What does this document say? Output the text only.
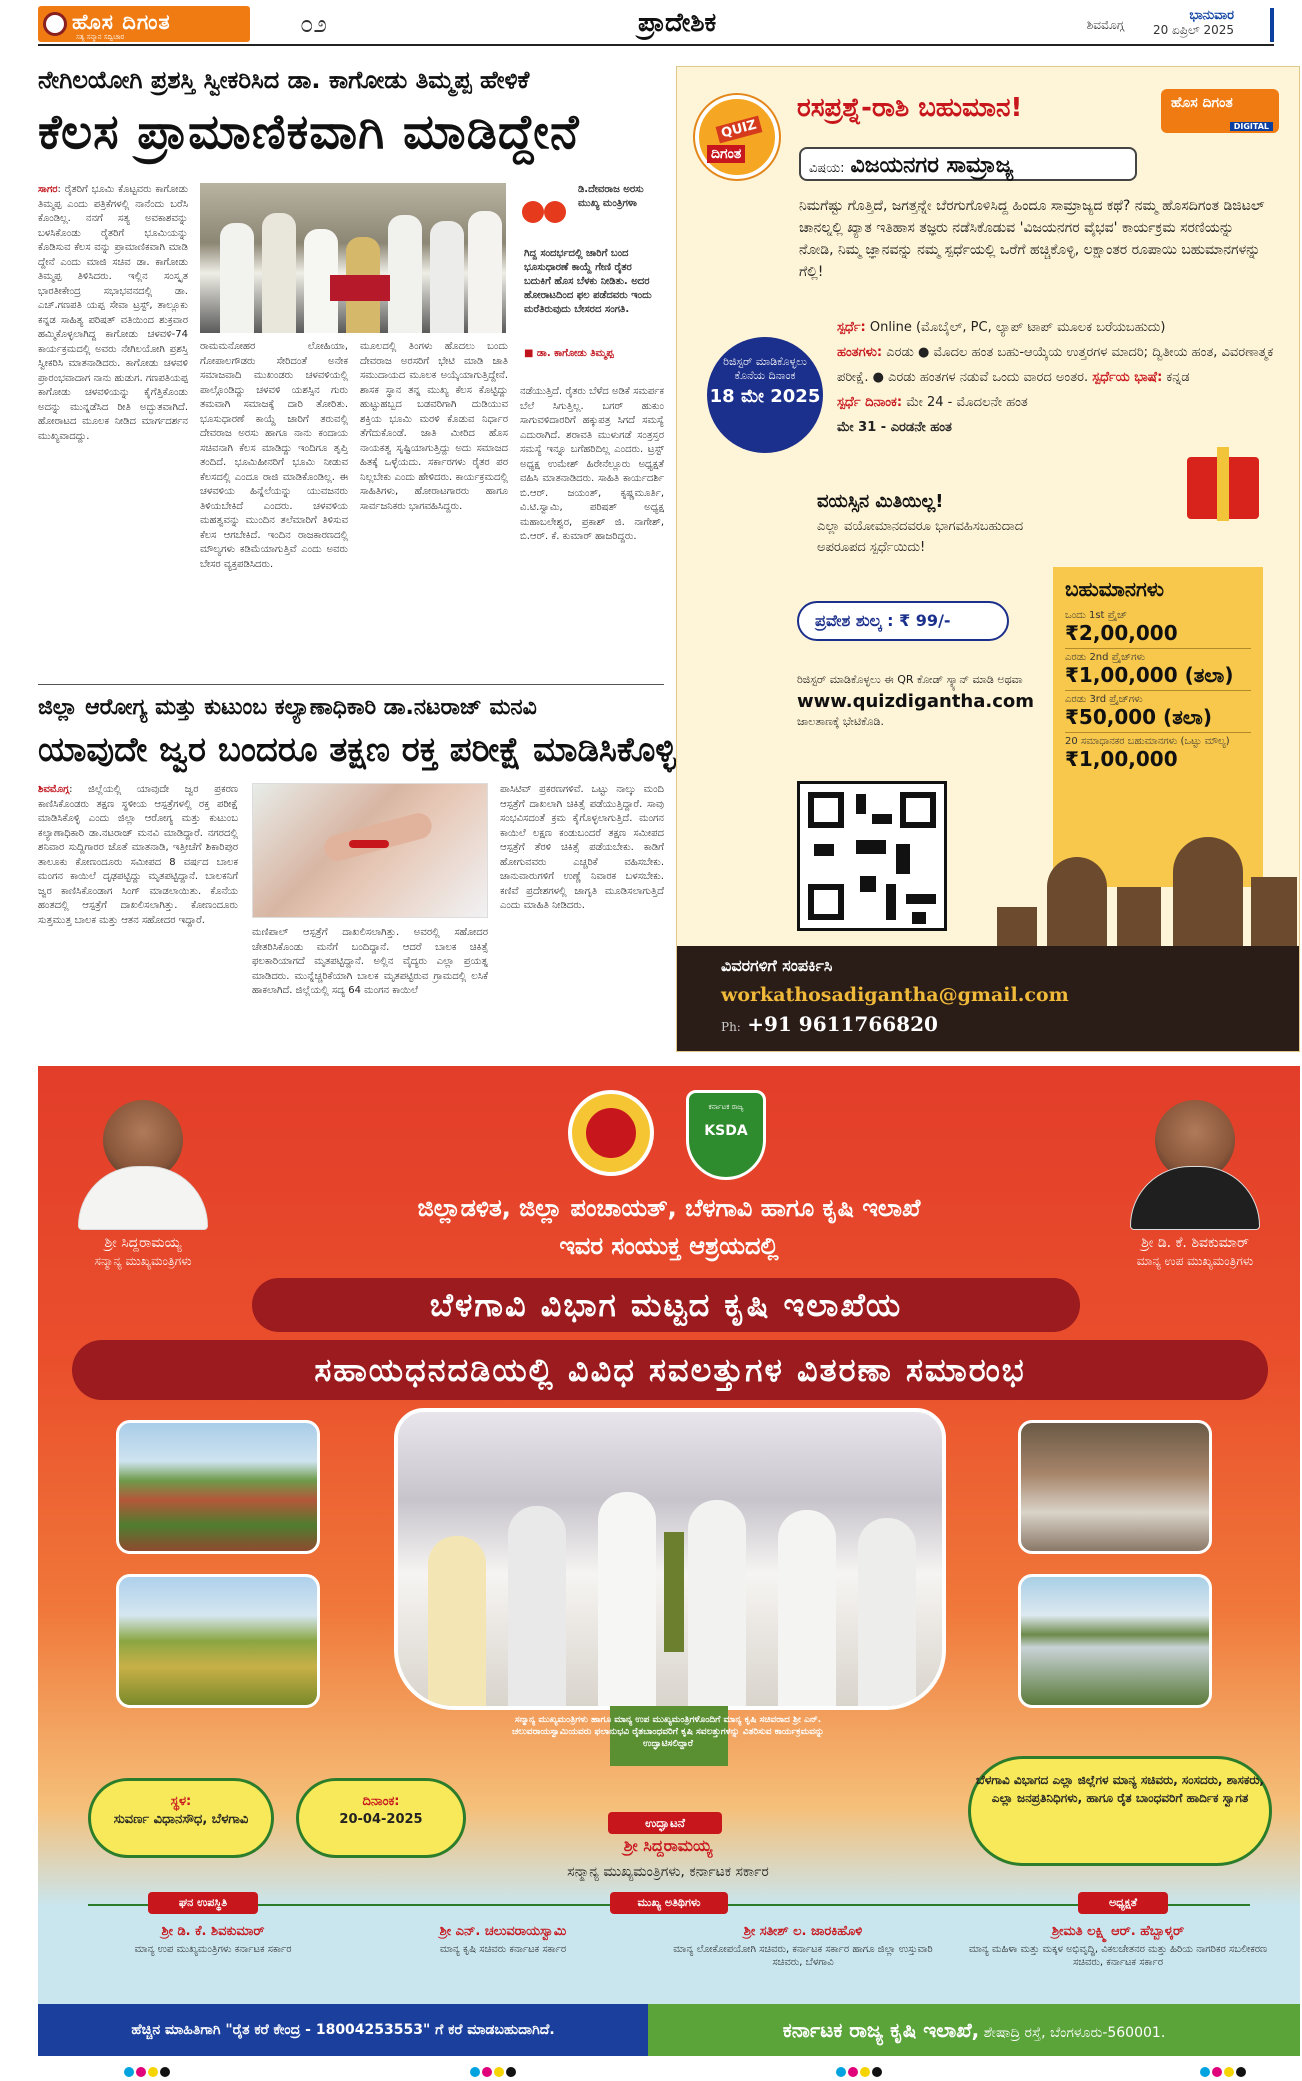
ಹೊಸ ದಿಗಂತ
ಸತ್ಯ ಸನ್ಮಾನ ಸದ್ವಿಚಾರ	೦೨	ಪ್ರಾದೇಶಿಕ	ಶಿವಮೊಗ್ಗ
ಭಾನುವಾರ
20 ಏಪ್ರಿಲ್ 2025
ನೇಗಿಲಯೋಗಿ ಪ್ರಶಸ್ತಿ ಸ್ವೀಕರಿಸಿದ ಡಾ. ಕಾಗೋಡು ತಿಮ್ಮಪ್ಪ ಹೇಳಿಕೆ
ಕೆಲಸ ಪ್ರಾಮಾಣಿಕವಾಗಿ ಮಾಡಿದ್ದೇನೆ
ಸಾಗರ: ರೈತರಿಗೆ ಭೂಮಿ ಕೊಟ್ಟವರು ಕಾಗೋಡು ತಿಮ್ಮಪ್ಪ ಎಂದು ಪತ್ರಿಕೆಗಳಲ್ಲಿ ನಾನೆಂದು ಬರೆಸಿ ಕೊಂಡಿಲ್ಲ. ನನಗೆ ಸತ್ಯ ಅವಕಾಶವನ್ನು ಬಳಸಿಕೊಂಡು ರೈತರಿಗೆ ಭೂಮಿಯನ್ನು ಕೊಡಿಸುವ ಕೆಲಸ ವನ್ನು ಪ್ರಾಮಾಣಿಕವಾಗಿ ಮಾಡಿ ದ್ದೇನೆ ಎಂದು ಮಾಜಿ ಸಚಿವ ಡಾ. ಕಾಗೋಡು ತಿಮ್ಮಪ್ಪ ತಿಳಿಸಿದರು. ಇಲ್ಲಿನ ಸಂಸ್ಕೃತ ಭಾರತೀಕೇಂದ್ರ ಸಭಾಭವನದಲ್ಲಿ ಡಾ. ಎಚ್.ಗಣಪತಿ ಯಪ್ಪ ಸೇವಾ ಟ್ರಸ್ಟ್, ತಾಲ್ಲೂಕು ಕನ್ನಡ ಸಾಹಿತ್ಯ ಪರಿಷತ್ ವತಿಯಿಂದ ಶುಕ್ರವಾರ ಹಮ್ಮಿಕೊಳ್ಳಲಾಗಿದ್ದ ಕಾಗೋಡು ಚಳವಳಿ-74 ಕಾರ್ಯಕ್ರಮದಲ್ಲಿ ಅವರು ನೇಗಿಲಯೋಗಿ ಪ್ರಶಸ್ತಿ ಸ್ವೀಕರಿಸಿ ಮಾತನಾಡಿದರು. ಕಾಗೋಡು ಚಳವಳಿ ಪ್ರಾರಂಭವಾದಾಗ ನಾನು ಹುಡುಗ. ಗಣಪತಿಯಪ್ಪ ಕಾಗೋಡು ಚಳವಳಿಯನ್ನು ಕೈಗೆತ್ತಿಕೊಂಡು ಅದನ್ನು ಮುನ್ನಡೆಸಿದ ರೀತಿ ಅದ್ಭುತವಾಗಿದೆ. ಹೋರಾಟದ ಮೂಲಕ ನೀಡಿದ ಮಾರ್ಗದರ್ಶನ ಮುಖ್ಯವಾದದ್ದು.
ಡಿ.ದೇವರಾಜ ಅರಸು ಮುಖ್ಯ ಮಂತ್ರಿಗಳಾ
ಗಿದ್ದ ಸಂದರ್ಭದಲ್ಲಿ ಜಾರಿಗೆ ಬಂದ ಭೂಸುಧಾರಣೆ ಕಾಯ್ದೆ ಗೇಣಿ ರೈತರ ಬದುಕಿಗೆ ಹೊಸ ಬೆಳಕು ನೀಡಿತು. ಅದರ ಹೋರಾಟದಿಂದ ಫಲ ಪಡೆದವರು ಇಂದು ಮರೆತಿರುವುದು ಬೇಸರದ ಸಂಗತಿ.
■ ಡಾ. ಕಾಗೋಡು ತಿಮ್ಮಪ್ಪ
ರಾಮಮನೋಹರ ಲೋಹಿಯಾ, ಗೋಪಾಲಗೌಡರು ಸೇರಿದಂತೆ ಅನೇಕ ಸಮಾಜವಾದಿ ಮುಖಂಡರು ಚಳವಳಿಯಲ್ಲಿ ಪಾಲ್ಗೊಂಡಿದ್ದು ಚಳವಳಿ ಯಶಸ್ಸಿನ ಗುರು ತಮವಾಗಿ ಸಮಾಜಕ್ಕೆ ದಾರಿ ತೋರಿತು. ಭೂಸುಧಾರಣೆ ಕಾಯ್ದೆ ಜಾರಿಗೆ ತರುವಲ್ಲಿ ದೇವರಾಜ ಅರಸು ಹಾಗೂ ನಾನು ಕಂದಾಯ ಸಚಿವನಾಗಿ ಕೆಲಸ ಮಾಡಿದ್ದು ಇಂದಿಗೂ ತೃಪ್ತಿ ತಂದಿದೆ. ಭೂಮಿಹೀನರಿಗೆ ಭೂಮಿ ನೀಡುವ ಕೆಲಸದಲ್ಲಿ ಎಂದೂ ರಾಜಿ ಮಾಡಿಕೊಂಡಿಲ್ಲ. ಈ ಚಳವಳಿಯ ಹಿನ್ನೆಲೆಯನ್ನು ಯುವಜನರು ತಿಳಿಯಬೇಕಿದೆ ಎಂದರು. ಚಳವಳಿಯ ಮಹತ್ವವನ್ನು ಮುಂದಿನ ತಲೆಮಾರಿಗೆ ತಿಳಿಸುವ ಕೆಲಸ ಆಗಬೇಕಿದೆ. ಇಂದಿನ ರಾಜಕಾರಣದಲ್ಲಿ ಮೌಲ್ಯಗಳು ಕಡಿಮೆಯಾಗುತ್ತಿವೆ ಎಂದು ಅವರು ಬೇಸರ ವ್ಯಕ್ತಪಡಿಸಿದರು.
ಮೂಲದಲ್ಲಿ ತಿಂಗಳು ಹೊದಲು ಬಂದು ದೇವರಾಜ ಅರಸರಿಗೆ ಭೇಟಿ ಮಾಡಿ ಜಾತಿ ಸಮುದಾಯದ ಮೂಲಕ ಅಯ್ಕೆಯಾಗುತ್ತಿದ್ದೇನೆ. ಶಾಸಕ ಸ್ಥಾನ ತನ್ನ ಮುಖ್ಯ ಕೆಲಸ ಕೊಟ್ಟಿದ್ದು ಹುಟ್ಟುಹಬ್ಬದ ಬಡವರಿಗಾಗಿ ದುಡಿಯುವ ಶಕ್ತಿಯ ಭೂಮಿ ಮರಳಿ ಕೊಡುವ ನಿರ್ಧಾರ ತೆಗೆದುಕೊಂಡೆ. ಜಾತಿ ಮೀರಿದ ಹೊಸ ನಾಯಕತ್ವ ಸೃಷ್ಟಿಯಾಗುತ್ತಿದ್ದು ಅದು ಸಮಾಜದ ಹಿತಕ್ಕೆ ಒಳ್ಳೆಯದು. ಸರ್ಕಾರಗಳು ರೈತರ ಪರ ನಿಲ್ಲಬೇಕು ಎಂದು ಹೇಳಿದರು. ಕಾರ್ಯಕ್ರಮದಲ್ಲಿ ಸಾಹಿತಿಗಳು, ಹೋರಾಟಗಾರರು ಹಾಗೂ ಸಾರ್ವಜನಿಕರು ಭಾಗವಹಿಸಿದ್ದರು.
ನಡೆಯುತ್ತಿದೆ. ರೈತರು ಬೆಳೆದ ಅಡಿಕೆ ಸಮರ್ಪಕ ಬೆಲೆ ಸಿಗುತ್ತಿಲ್ಲ. ಬಗರ್ ಹುಕುಂ ಸಾಗುವಳಿದಾರರಿಗೆ ಹಕ್ಕುಪತ್ರ ಸಿಗದೆ ಸಮಸ್ಯೆ ಎದುರಾಗಿದೆ. ಶರಾವತಿ ಮುಳುಗಡೆ ಸಂತ್ರಸ್ತರ ಸಮಸ್ಯೆ ಇನ್ನೂ ಬಗೆಹರಿದಿಲ್ಲ ಎಂದರು. ಟ್ರಸ್ಟ್ ಅಧ್ಯಕ್ಷ ಉಮೇಶ್ ಹಿರೇನೆಲ್ಲೂರು ಅಧ್ಯಕ್ಷತೆ ವಹಿಸಿ ಮಾತನಾಡಿದರು. ಸಾಹಿತಿ ಕಾರ್ಯದರ್ಶಿ ಬಿ.ಆರ್. ಜಯಂತ್, ಕೃಷ್ಣಮೂರ್ತಿ, ವಿ.ಟಿ.ಸ್ವಾಮಿ, ಪರಿಷತ್ ಅಧ್ಯಕ್ಷ ಮಹಾಬಲೇಶ್ವರ, ಪ್ರಕಾಶ್ ಜಿ. ನಾಗೇಶ್, ಬಿ.ಆರ್. ಕೆ. ಕುಮಾರ್ ಹಾಜರಿದ್ದರು.
ಜಿಲ್ಲಾ ಆರೋಗ್ಯ ಮತ್ತು ಕುಟುಂಬ ಕಲ್ಯಾಣಾಧಿಕಾರಿ ಡಾ.ನಟರಾಜ್ ಮನವಿ
ಯಾವುದೇ ಜ್ವರ ಬಂದರೂ ತಕ್ಷಣ ರಕ್ತ ಪರೀಕ್ಷೆ ಮಾಡಿಸಿಕೊಳ್ಳಿ
ಶಿವಮೊಗ್ಗ: ಜಿಲ್ಲೆಯಲ್ಲಿ ಯಾವುದೇ ಜ್ವರ ಪ್ರಕರಣ ಕಾಣಿಸಿಕೊಂಡರು ತಕ್ಷಣ ಸ್ಥಳೀಯ ಆಸ್ಪತ್ರೆಗಳಲ್ಲಿ ರಕ್ತ ಪರೀಕ್ಷೆ ಮಾಡಿಸಿಕೊಳ್ಳಿ ಎಂದು ಜಿಲ್ಲಾ ಆರೋಗ್ಯ ಮತ್ತು ಕುಟುಂಬ ಕಲ್ಯಾಣಾಧಿಕಾರಿ ಡಾ.ನಟರಾಜ್ ಮನವಿ ಮಾಡಿದ್ದಾರೆ. ನಗರದಲ್ಲಿ ಶನಿವಾರ ಸುದ್ದಿಗಾರರ ಜೊತೆ ಮಾತನಾಡಿ, ಇತ್ತೀಚೆಗೆ ಶಿಕಾರಿಪುರ ತಾಲೂಕು ಕೋಣಂದೂರು ಸಮೀಪದ 8 ವರ್ಷದ ಬಾಲಕ ಮಂಗನ ಕಾಯಿಲೆ ದೃಢಪಟ್ಟಿದ್ದು ಮೃತಪಟ್ಟಿದ್ದಾನೆ. ಬಾಲಕನಿಗೆ ಜ್ವರ ಕಾಣಿಸಿಕೊಂಡಾಗ ಸಿಂಗ್ ಮಾಡಲಾಯಿತು. ಕೊನೆಯ ಹಂತದಲ್ಲಿ ಆಸ್ಪತ್ರೆಗೆ ದಾಖಲಿಸಲಾಗಿತ್ತು. ಕೋಣಂದೂರು ಸುತ್ತಮುತ್ತ ಬಾಲಕ ಮತ್ತು ಆತನ ಸಹೋದರ ಇದ್ದಾರೆ.
ಮಣಿಪಾಲ್ ಆಸ್ಪತ್ರೆಗೆ ದಾಖಲಿಸಲಾಗಿತ್ತು. ಅವರಲ್ಲಿ ಸಹೋದರ ಚೇತರಿಸಿಕೊಂಡು ಮನೆಗೆ ಬಂದಿದ್ದಾನೆ. ಆದರೆ ಬಾಲಕ ಚಿಕಿತ್ಸೆ ಫಲಕಾರಿಯಾಗದೆ ಮೃತಪಟ್ಟಿದ್ದಾನೆ. ಅಲ್ಲಿನ ವೈದ್ಯರು ಎಲ್ಲಾ ಪ್ರಯತ್ನ ಮಾಡಿದರು. ಮುನ್ನೆಚ್ಚರಿಕೆಯಾಗಿ ಬಾಲಕ ಮೃತಪಟ್ಟಿರುವ ಗ್ರಾಮದಲ್ಲಿ ಲಸಿಕೆ ಹಾಕಲಾಗಿದೆ. ಜಿಲ್ಲೆಯಲ್ಲಿ ಸದ್ಯ 64 ಮಂಗನ ಕಾಯಿಲೆ
ಪಾಸಿಟಿವ್ ಪ್ರಕರಣಗಳಿವೆ. ಒಟ್ಟು ನಾಲ್ಕು ಮಂದಿ ಆಸ್ಪತ್ರೆಗೆ ದಾಖಲಾಗಿ ಚಿಕಿತ್ಸೆ ಪಡೆಯುತ್ತಿದ್ದಾರೆ. ಸಾವು ಸಂಭವಿಸದಂತೆ ಕ್ರಮ ಕೈಗೊಳ್ಳಲಾಗುತ್ತಿದೆ. ಮಂಗನ ಕಾಯಿಲೆ ಲಕ್ಷಣ ಕಂಡುಬಂದರೆ ತಕ್ಷಣ ಸಮೀಪದ ಆಸ್ಪತ್ರೆಗೆ ತೆರಳಿ ಚಿಕಿತ್ಸೆ ಪಡೆಯಬೇಕು. ಕಾಡಿಗೆ ಹೋಗುವವರು ಎಚ್ಚರಿಕೆ ವಹಿಸಬೇಕು. ಜಾನುವಾರುಗಳಿಗೆ ಉಣ್ಣೆ ನಿವಾರಕ ಬಳಸಬೇಕು. ಕಣಿವೆ ಪ್ರದೇಶಗಳಲ್ಲಿ ಜಾಗೃತಿ ಮೂಡಿಸಲಾಗುತ್ತಿದೆ ಎಂದು ಮಾಹಿತಿ ನೀಡಿದರು.
QUIZ
ದಿಗಂತ
ರಸಪ್ರಶ್ನೆ-ರಾಶಿ ಬಹುಮಾನ!	ಹೊಸ ದಿಗಂತ
DIGITAL
ವಿಷಯ: ವಿಜಯನಗರ ಸಾಮ್ರಾಜ್ಯ
ನಿಮಗೆಷ್ಟು ಗೊತ್ತಿದೆ, ಜಗತ್ತನ್ನೇ ಬೆರಗುಗೊಳಿಸಿದ್ದ ಹಿಂದೂ ಸಾಮ್ರಾಜ್ಯದ ಕಥೆ? ನಮ್ಮ ಹೊಸದಿಗಂತ ಡಿಜಿಟಲ್ ಚಾನಲ್ನಲ್ಲಿ ಖ್ಯಾತ ಇತಿಹಾಸ ತಜ್ಞರು ನಡೆಸಿಕೊಡುವ 'ವಿಜಯನಗರ ವೈಭವ' ಕಾರ್ಯಕ್ರಮ ಸರಣಿಯನ್ನು ನೋಡಿ, ನಿಮ್ಮ ಜ್ಞಾನವನ್ನು ನಮ್ಮ ಸ್ಪರ್ಧೆಯಲ್ಲಿ ಒರೆಗೆ ಹಚ್ಚಿಕೊಳ್ಳಿ, ಲಕ್ಷಾಂತರ ರೂಪಾಯಿ ಬಹುಮಾನಗಳನ್ನು ಗೆಲ್ಲಿ!
ರಿಜಿಸ್ಟರ್ ಮಾಡಿಕೊಳ್ಳಲು ಕೊನೆಯ ದಿನಾಂಕ
18 ಮೇ 2025
ಸ್ಪರ್ಧೆ: Online (ಮೊಬೈಲ್, PC, ಲ್ಯಾಪ್ ಟಾಪ್ ಮೂಲಕ ಬರೆಯಬಹುದು)
ಹಂತಗಳು: ಎರಡು ● ಮೊದಲ ಹಂತ ಬಹು-ಆಯ್ಕೆಯ ಉತ್ತರಗಳ ಮಾದರಿ; ದ್ವಿತೀಯ ಹಂತ, ವಿವರಣಾತ್ಮಕ ಪರೀಕ್ಷೆ. ● ಎರಡು ಹಂತಗಳ ನಡುವೆ ಒಂದು ವಾರದ ಅಂತರ. ಸ್ಪರ್ಧೆಯ ಭಾಷೆ: ಕನ್ನಡ
ಸ್ಪರ್ಧೆ ದಿನಾಂಕ: ಮೇ 24 - ಮೊದಲನೇ ಹಂತ
ಮೇ 31 - ಎರಡನೇ ಹಂತ
ವಯಸ್ಸಿನ ಮಿತಿಯಿಲ್ಲ!
ಎಲ್ಲಾ ವಯೋಮಾನದವರೂ ಭಾಗವಹಿಸಬಹುದಾದ ಅಪರೂಪದ ಸ್ಪರ್ಧೆಯಿದು!
ಪ್ರವೇಶ ಶುಲ್ಕ : ₹ 99/-
ರಿಜಿಸ್ಟರ್ ಮಾಡಿಕೊಳ್ಳಲು ಈ QR ಕೋಡ್ ಸ್ಕ್ಯಾನ್ ಮಾಡಿ ಅಥವಾ
www.quizdigantha.com
ಜಾಲತಾಣಕ್ಕೆ ಭೇಟಿಕೊಡಿ.
ಬಹುಮಾನಗಳು
ಒಂದು 1st ಪ್ರೈಜ್
₹2,00,000
ಎರಡು 2nd ಪ್ರೈಜ್‌ಗಳು
₹1,00,000 (ತಲಾ)
ಎರಡು 3rd ಪ್ರೈಜ್‌ಗಳು
₹50,000 (ತಲಾ)
20 ಸಮಾಧಾನಕರ ಬಹುಮಾನಗಳು (ಒಟ್ಟು ಮೌಲ್ಯ)
₹1,00,000
ವಿವರಗಳಿಗೆ ಸಂಪರ್ಕಿಸಿ
workathosadigantha@gmail.com
Ph: +91 9611766820
ಶ್ರೀ ಸಿದ್ದರಾಮಯ್ಯ
ಸನ್ಮಾನ್ಯ ಮುಖ್ಯಮಂತ್ರಿಗಳು
ಕರ್ನಾಟಕ ರಾಜ್ಯ
KSDA
ಶ್ರೀ ಡಿ. ಕೆ. ಶಿವಕುಮಾರ್
ಮಾನ್ಯ ಉಪ ಮುಖ್ಯಮಂತ್ರಿಗಳು
ಜಿಲ್ಲಾಡಳಿತ, ಜಿಲ್ಲಾ ಪಂಚಾಯತ್, ಬೆಳಗಾವಿ ಹಾಗೂ ಕೃಷಿ ಇಲಾಖೆ
ಇವರ ಸಂಯುಕ್ತ ಆಶ್ರಯದಲ್ಲಿ
ಬೆಳಗಾವಿ ವಿಭಾಗ ಮಟ್ಟದ ಕೃಷಿ ಇಲಾಖೆಯ
ಸಹಾಯಧನದಡಿಯಲ್ಲಿ ವಿವಿಧ ಸವಲತ್ತುಗಳ ವಿತರಣಾ ಸಮಾರಂಭ
ಸನ್ಮಾನ್ಯ ಮುಖ್ಯಮಂತ್ರಿಗಳು ಹಾಗೂ ಮಾನ್ಯ ಉಪ ಮುಖ್ಯಮಂತ್ರಿಗಳೊಂದಿಗೆ ಮಾನ್ಯ ಕೃಷಿ ಸಚಿವರಾದ ಶ್ರೀ ಎನ್. ಚಲುವರಾಯಸ್ವಾಮಿಯವರು ಫಲಾನುಭವಿ ರೈತಬಾಂಧವರಿಗೆ ಕೃಷಿ ಸವಲತ್ತುಗಳನ್ನು ವಿತರಿಸುವ ಕಾರ್ಯಕ್ರಮವನ್ನು ಉದ್ಘಾಟಿಸಲಿದ್ದಾರೆ
ಸ್ಥಳ:
ಸುವರ್ಣ ವಿಧಾನಸೌಧ, ಬೆಳಗಾವಿ
ದಿನಾಂಕ:
20-04-2025
ಬೆಳಗಾವಿ ವಿಭಾಗದ ಎಲ್ಲಾ ಜಿಲ್ಲೆಗಳ ಮಾನ್ಯ ಸಚಿವರು, ಸಂಸದರು, ಶಾಸಕರು, ಎಲ್ಲಾ ಜನಪ್ರತಿನಿಧಿಗಳು, ಹಾಗೂ ರೈತ ಬಾಂಧವರಿಗೆ ಹಾರ್ದಿಕ ಸ್ವಾಗತ
ಉದ್ಘಾಟನೆ
ಶ್ರೀ ಸಿದ್ದರಾಮಯ್ಯ
ಸನ್ಮಾನ್ಯ ಮುಖ್ಯಮಂತ್ರಿಗಳು, ಕರ್ನಾಟಕ ಸರ್ಕಾರ
ಘನ ಉಪಸ್ಥಿತಿ	ಮುಖ್ಯ ಅತಿಥಿಗಳು	ಅಧ್ಯಕ್ಷತೆ
ಶ್ರೀ ಡಿ. ಕೆ. ಶಿವಕುಮಾರ್
ಮಾನ್ಯ ಉಪ ಮುಖ್ಯಮಂತ್ರಿಗಳು ಕರ್ನಾಟಕ ಸರ್ಕಾರ
ಶ್ರೀ ಎನ್. ಚಲುವರಾಯಸ್ವಾಮಿ
ಮಾನ್ಯ ಕೃಷಿ ಸಚಿವರು ಕರ್ನಾಟಕ ಸರ್ಕಾರ
ಶ್ರೀ ಸತೀಶ್ ಲ. ಜಾರಕಿಹೊಳಿ
ಮಾನ್ಯ ಲೋಕೋಪಯೋಗಿ ಸಚಿವರು, ಕರ್ನಾಟಕ ಸರ್ಕಾರ ಹಾಗೂ ಜಿಲ್ಲಾ ಉಸ್ತುವಾರಿ ಸಚಿವರು, ಬೆಳಗಾವಿ
ಶ್ರೀಮತಿ ಲಕ್ಷ್ಮಿ ಆರ್. ಹೆಬ್ಬಾಳ್ಕರ್
ಮಾನ್ಯ ಮಹಿಳಾ ಮತ್ತು ಮಕ್ಕಳ ಅಭಿವೃದ್ಧಿ, ವಿಕಲಚೇತನರ ಮತ್ತು ಹಿರಿಯ ನಾಗರಿಕರ ಸಬಲೀಕರಣ ಸಚಿವರು, ಕರ್ನಾಟಕ ಸರ್ಕಾರ
ಹೆಚ್ಚಿನ ಮಾಹಿತಿಗಾಗಿ "ರೈತ ಕರೆ ಕೇಂದ್ರ - 18004253553" ಗೆ ಕರೆ ಮಾಡಬಹುದಾಗಿದೆ.	ಕರ್ನಾಟಕ ರಾಜ್ಯ ಕೃಷಿ ಇಲಾಖೆ, ಶೇಷಾದ್ರಿ ರಸ್ತೆ, ಬೆಂಗಳೂರು-560001.
